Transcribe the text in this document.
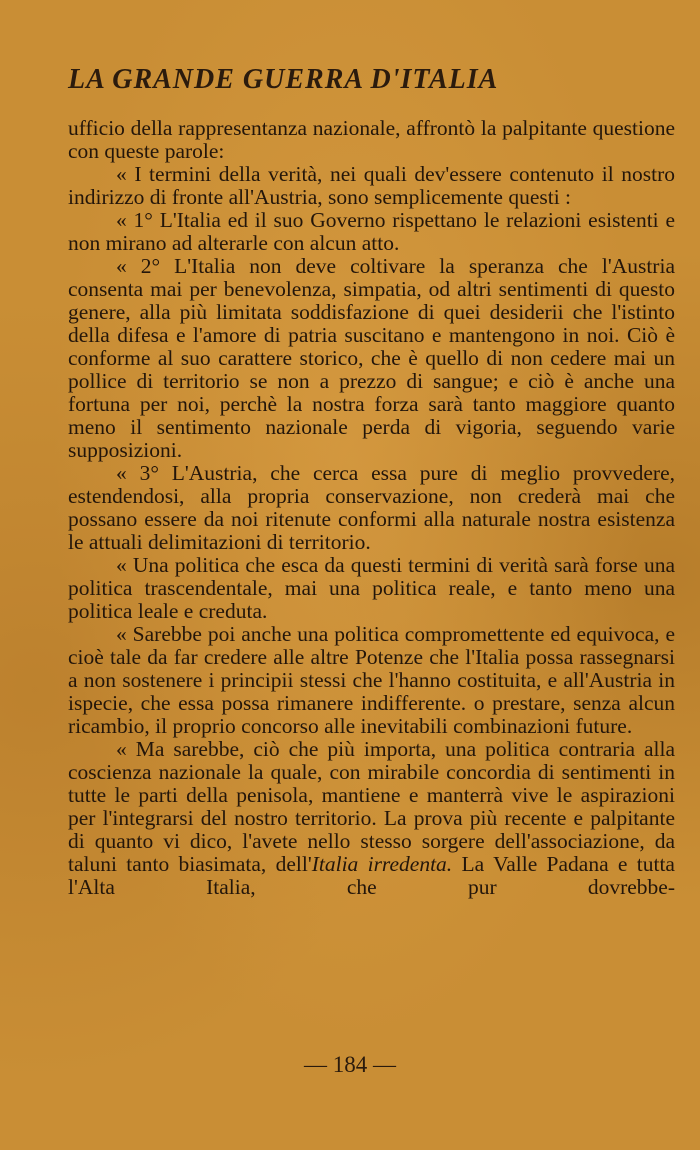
LA GRANDE GUERRA D'ITALIA

ufficio della rappresentanza nazionale, affrontò la palpitante questione con queste parole:

« I termini della verità, nei quali dev'essere contenuto il nostro indirizzo di fronte all'Austria, sono semplicemente questi :

« 1° L'Italia ed il suo Governo rispettano le relazioni esistenti e non mirano ad alterarle con alcun atto.

« 2° L'Italia non deve coltivare la speranza che l'Austria consenta mai per benevolenza, simpatia, od altri sentimenti di questo genere, alla più limitata soddisfazione di quei desiderii che l'istinto della difesa e l'amore di patria suscitano e mantengono in noi. Ciò è conforme al suo carattere storico, che è quello di non cedere mai un pollice di territorio se non a prezzo di sangue; e ciò è anche una fortuna per noi, perchè la nostra forza sarà tanto maggiore quanto meno il sentimento nazionale perda di vigoria, seguendo varie supposizioni.

« 3° L'Austria, che cerca essa pure di meglio provvedere, estendendosi, alla propria conservazione, non crederà mai che possano essere da noi ritenute conformi alla naturale nostra esistenza le attuali delimitazioni di territorio.

« Una politica che esca da questi termini di verità sarà forse una politica trascendentale, mai una politica reale, e tanto meno una politica leale e creduta.

« Sarebbe poi anche una politica compromettente ed equivoca, e cioè tale da far credere alle altre Potenze che l'Italia possa rassegnarsi a non sostenere i principii stessi che l'hanno costituita, e all'Austria in ispecie, che essa possa rimanere indifferente. o prestare, senza alcun ricambio, il proprio concorso alle inevitabili combinazioni future.

« Ma sarebbe, ciò che più importa, una politica contraria alla coscienza nazionale la quale, con mirabile concordia di sentimenti in tutte le parti della penisola, mantiene e manterrà vive le aspirazioni per l'integrarsi del nostro territorio. La prova più recente e palpitante di quanto vi dico, l'avete nello stesso sorgere dell'associazione, da taluni tanto biasimata, dell'Italia irredenta. La Valle Padana e tutta l'Alta Italia, che pur dovrebbe-

— 184 —
